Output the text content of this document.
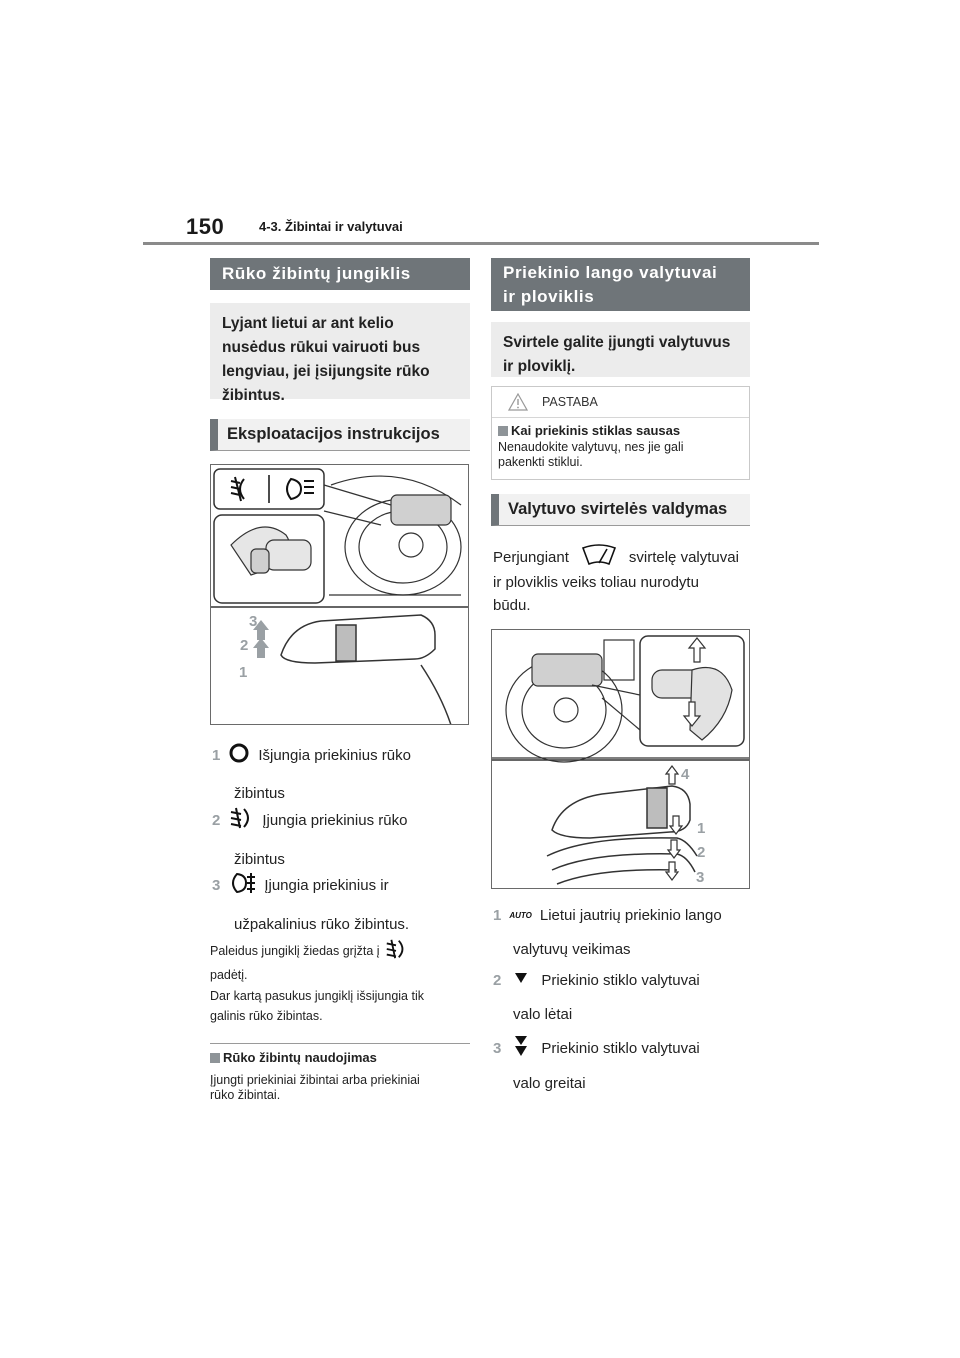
150	4-3. Žibintai ir valytuvai
Rūko žibintų jungiklis
Lyjant lietui ar ant kelio nusėdus rūkui vairuoti bus lengviau, jei įsijungsite rūko žibintus.
Eksploatacijos instrukcijos
3
2
1
1	Išjungia priekinius rūko
žibintus
2	Įjungia priekinius rūko
žibintus
3	Įjungia priekinius ir
užpakalinius rūko žibintus.
Paleidus jungiklį žiedas grįžta į
padėtį.
Dar kartą pasukus jungiklį išsijungia tik
galinis rūko žibintas.
Rūko žibintų naudojimas
Įjungti priekiniai žibintai arba priekiniai
rūko žibintai.
Priekinio lango valytuvai
ir ploviklis
Svirtele galite įjungti valytuvus ir ploviklį.
PASTABA
Kai priekinis stiklas sausas
Nenaudokite valytuvų, nes jie gali
pakenkti stiklui.
Valytuvo svirtelės valdymas
Perjungiant	svirtelę valytuvai
ir ploviklis veiks toliau nurodytu
būdu.
4
1
2
3
1 AUTO Lietui jautrių priekinio lango
valytuvų veikimas
2	Priekinio stiklo valytuvai
valo lėtai
3	Priekinio stiklo valytuvai
valo greitai
